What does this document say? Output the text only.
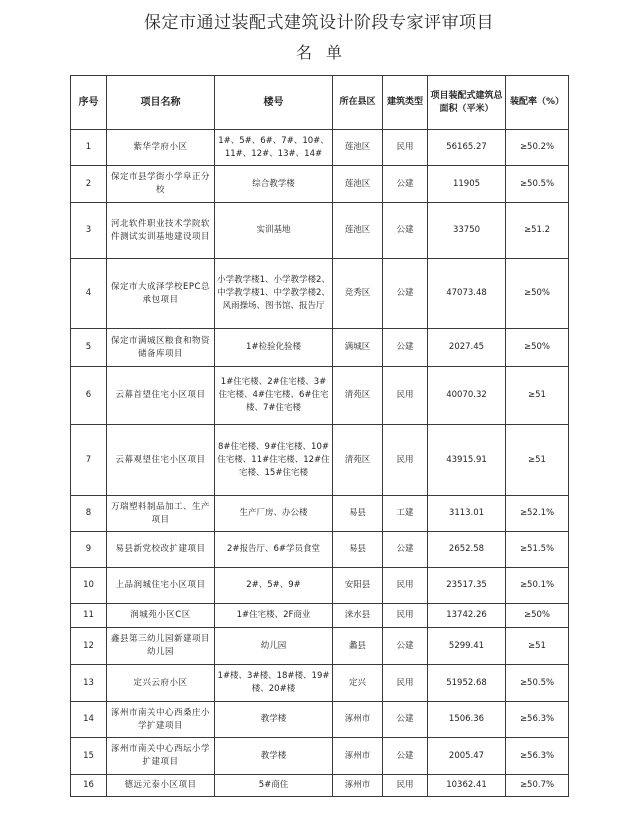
保定市通过装配式建筑设计阶段专家评审项目
名单
序号	项目名称	楼号	所在县区	建筑类型	项目装配式建筑总面积（平米）	装配率（%）
1	紫华学府小区	1#、5#、6#、7#、10#、11#、12#、13#、14#	莲池区	民用	56165.27	≥50.2%
2	保定市县学街小学阜正分校	综合教学楼	莲池区	公建	11905	≥50.5%
3	河北软件职业技术学院软件测试实训基地建设项目	实训基地	莲池区	公建	33750	≥51.2
4	保定市大成泽学校EPC总承包项目	小学教学楼1、小学教学楼2、中学教学楼1、中学教学楼2、风雨操场、图书馆、报告厅	竞秀区	公建	47073.48	≥50%
5	保定市满城区粮食和物资储备库项目	1#检验化验楼	满城区	公建	2027.45	≥50%
6	云幕首望住宅小区项目	1#住宅楼、2#住宅楼、3#住宅楼、4#住宅楼、6#住宅楼、7#住宅楼	清苑区	民用	40070.32	≥51
7	云幕观望住宅小区项目	8#住宅楼、9#住宅楼、10#住宅楼、11#住宅楼、12#住宅楼、15#住宅楼	清苑区	民用	43915.91	≥51
8	万瑞塑料制品加工、生产项目	生产厂房、办公楼	易县	工建	3113.01	≥52.1%
9	易县新党校改扩建项目	2#报告厅、6#学员食堂	易县	公建	2652.58	≥51.5%
10	上品润城住宅小区项目	2#、5#、9#	安阳县	民用	23517.35	≥50.1%
11	润城苑小区C区	1#住宅楼、2F商业	涞水县	民用	13742.26	≥50%
12	鑫县第三幼儿园新建项目幼儿园	幼儿园	蠡县	公建	5299.41	≥51
13	定兴云府小区	1#楼、3#楼、18#楼、19#楼、20#楼	定兴	民用	51952.68	≥50.5%
14	涿州市南关中心西桑庄小学扩建项目	教学楼	涿州市	公建	1506.36	≥56.3%
15	涿州市南关中心西坛小学扩建项目	教学楼	涿州市	公建	2005.47	≥56.3%
16	德远元泰小区项目	5#商住	涿州市	民用	10362.41	≥50.7%
